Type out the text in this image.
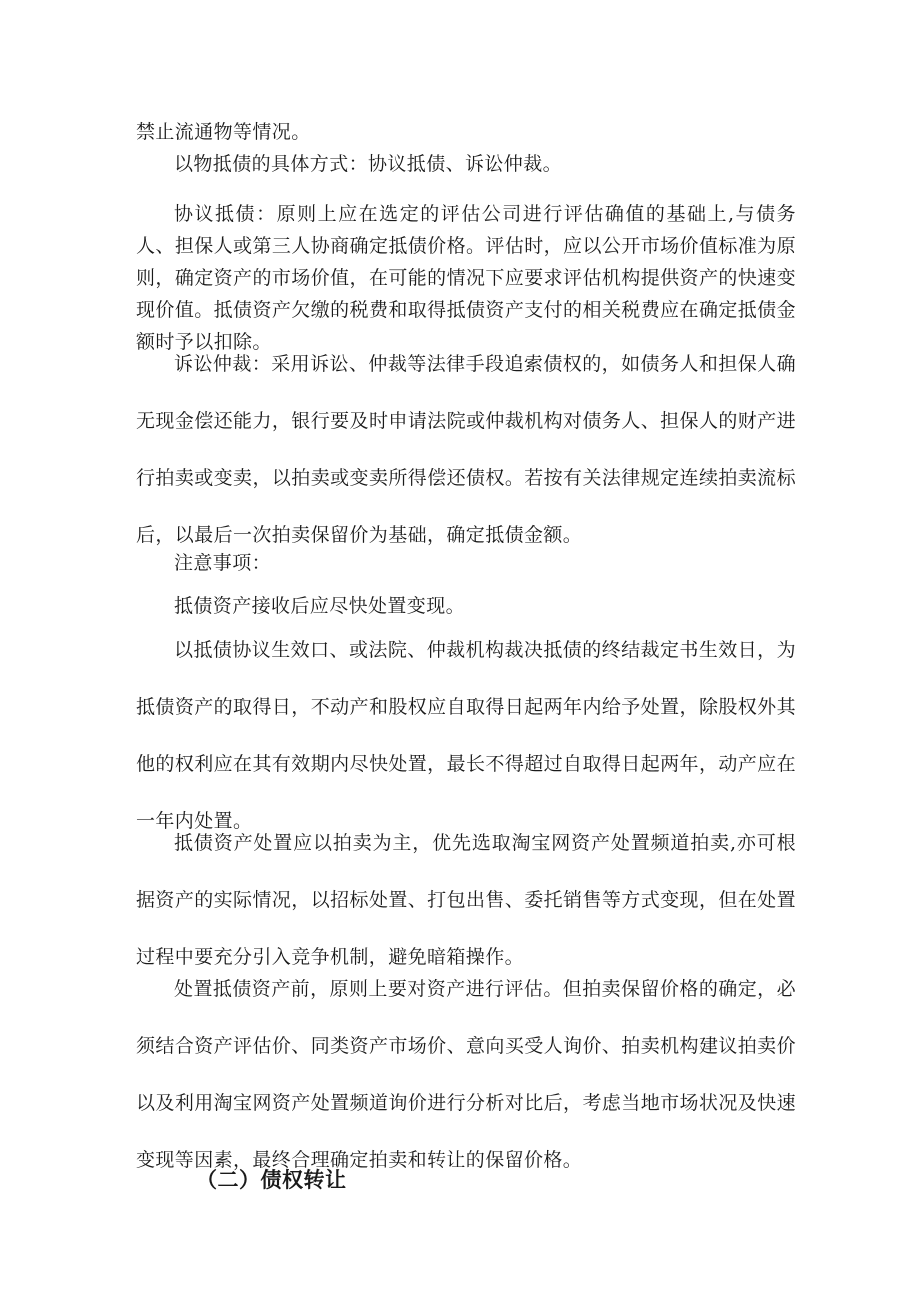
禁止流通物等情况。

以物抵债的具体方式：协议抵债、诉讼仲裁。

协议抵债：原则上应在选定的评估公司进行评估确值的基础上,与债务人、担保人或第三人协商确定抵债价格。评估时，应以公开市场价值标准为原则，确定资产的市场价值，在可能的情况下应要求评估机构提供资产的快速变现价值。抵债资产欠缴的税费和取得抵债资产支付的相关税费应在确定抵债金额时予以扣除。

诉讼仲裁：采用诉讼、仲裁等法律手段追索债权的，如债务人和担保人确无现金偿还能力，银行要及时申请法院或仲裁机构对债务人、担保人的财产进行拍卖或变卖，以拍卖或变卖所得偿还债权。若按有关法律规定连续拍卖流标后，以最后一次拍卖保留价为基础，确定抵债金额。

注意事项：

抵债资产接收后应尽快处置变现。

以抵债协议生效口、或法院、仲裁机构裁决抵债的终结裁定书生效日，为抵债资产的取得日，不动产和股权应自取得日起两年内给予处置，除股权外其他的权利应在其有效期内尽快处置，最长不得超过自取得日起两年，动产应在一年内处置。

抵债资产处置应以拍卖为主，优先选取淘宝网资产处置频道拍卖,亦可根据资产的实际情况，以招标处置、打包出售、委托销售等方式变现，但在处置过程中要充分引入竞争机制，避免暗箱操作。

处置抵债资产前，原则上要对资产进行评估。但拍卖保留价格的确定，必须结合资产评估价、同类资产市场价、意向买受人询价、拍卖机构建议拍卖价以及利用淘宝网资产处置频道询价进行分析对比后，考虑当地市场状况及快速变现等因素，最终合理确定拍卖和转让的保留价格。

（二）债权转让
